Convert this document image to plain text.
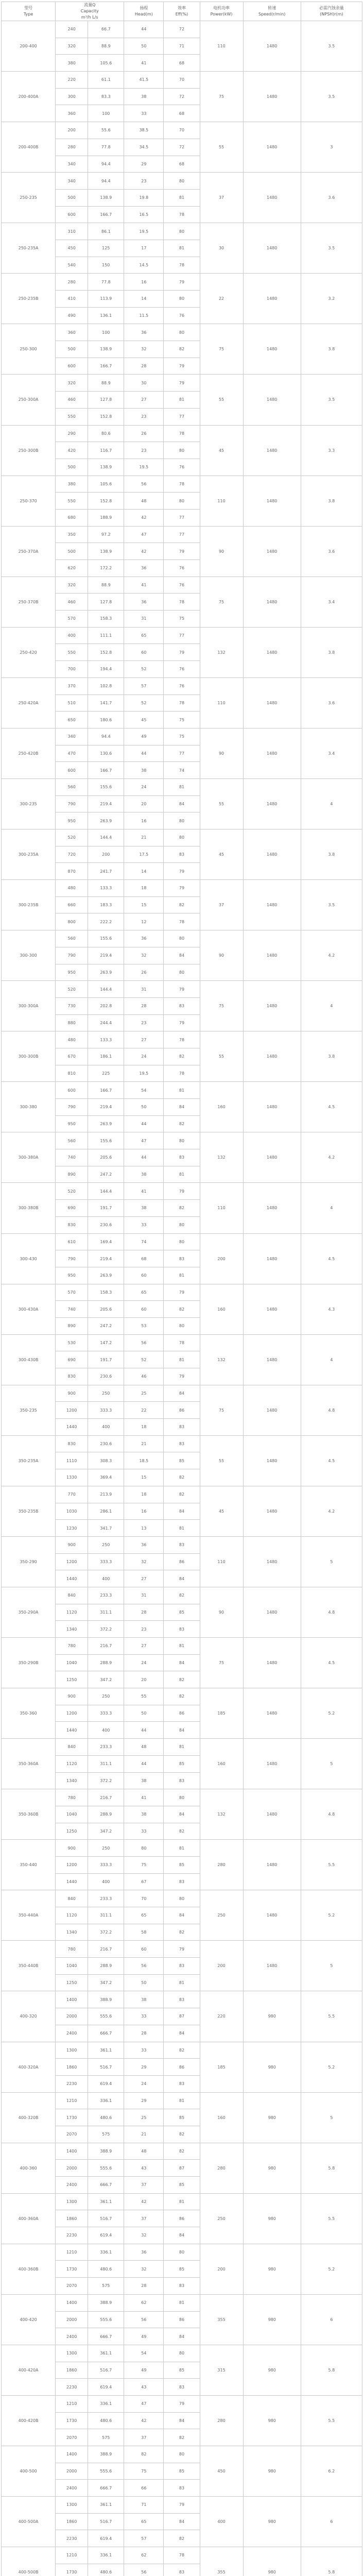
型号
Type	流量Q
Capacity
m³/h L/s		扬程
Head(m)	效率
Eff(%)	电机功率
Power(kW)	转速
Speed(r/min)	必需汽蚀余量
(NPSH)r(m)

200-400	240	66.7	44	72	110	1480	3.5
	320	88.9	50	71			
	380	105.6	41	68			
200-400A	220	61.1	41.5	70	75	1480	3.5
	300	83.3	38	72			
	360	100	33	68			
200-400B	200	55.6	38.5	70	55	1480	3
	280	77.8	34.5	72			
	340	94.4	29	68			
250-235	340	94.4	23	80	37	1480	3.6
	500	138.9	19.8	81			
	600	166.7	16.5	78			
250-235A	310	86.1	19.5	80	30	1480	3.5
	450	125	17	81			
	540	150	14.5	78			
250-235B	280	77.8	16	79	22	1480	3.2
	410	113.9	14	80			
	490	136.1	11.5	76			
250-300	360	100	36	80	75	1480	3.8
	500	138.9	32	82			
	600	166.7	28	79			
250-300A	320	88.9	30	79	55	1480	3.5
	460	127.8	27	81			
	550	152.8	23	77			
250-300B	290	80.6	26	78	45	1480	3.3
	420	116.7	23	80			
	500	138.9	19.5	76			
250-370	380	105.6	56	78	110	1480	3.8
	550	152.8	48	80			
	680	188.9	42	77			
250-370A	350	97.2	47	77	90	1480	3.6
	500	138.9	42	79			
	620	172.2	36	76			
250-370B	320	88.9	41	76	75	1480	3.4
	460	127.8	36	78			
	570	158.3	31	75			
250-420	400	111.1	65	77	132	1480	3.8
	550	152.8	60	79			
	700	194.4	52	76			
250-420A	370	102.8	57	76	110	1480	3.6
	510	141.7	52	78			
	650	180.6	45	75			
250-420B	340	94.4	49	75	90	1480	3.4
	470	130.6	44	77			
	600	166.7	38	74			
300-235	560	155.6	24	81	55	1480	4
	790	219.4	20	84			
	950	263.9	16	80			
300-235A	520	144.4	21	80	45	1480	3.8
	720	200	17.5	83			
	870	241.7	14	79			
300-235B	480	133.3	18	79	37	1480	3.5
	660	183.3	15	82			
	800	222.2	12	78			
300-300	560	155.6	36	80	90	1480	4.2
	790	219.4	32	84			
	950	263.9	26	80			
300-300A	520	144.4	31	79	75	1480	4
	730	202.8	28	83			
	880	244.4	23	79			
300-300B	480	133.3	27	78	55	1480	3.8
	670	186.1	24	82			
	810	225	19.5	78			
300-380	600	166.7	54	81	160	1480	4.5
	790	219.4	50	84			
	950	263.9	44	82			
300-380A	560	155.6	47	80	132	1480	4.2
	740	205.6	44	83			
	890	247.2	38	81			
300-380B	520	144.4	41	79	110	1480	4
	690	191.7	38	82			
	830	230.6	33	80			
300-430	610	169.4	74	80	200	1480	4.5
	790	219.4	68	83			
	950	263.9	60	81			
300-430A	570	158.3	65	79	160	1480	4.3
	740	205.6	60	82			
	890	247.2	53	80			
300-430B	530	147.2	56	78	132	1480	4
	690	191.7	52	81			
	830	230.6	46	79			
350-235	900	250	25	84	75	1480	4.8
	1200	333.3	22	86			
	1440	400	18	83			
350-235A	830	230.6	21	83	55	1480	4.5
	1110	308.3	18.5	85			
	1330	369.4	15	82			
350-235B	770	213.9	18	82	45	1480	4.2
	1030	286.1	16	84			
	1230	341.7	13	81			
350-290	900	250	36	83	110	1480	5
	1200	333.3	32	86			
	1440	400	27	84			
350-290A	840	233.3	31	82	90	1480	4.8
	1120	311.1	28	85			
	1340	372.2	23	83			
350-290B	780	216.7	27	81	75	1480	4.5
	1040	288.9	24	84			
	1250	347.2	20	82			
350-360	900	250	55	82	185	1480	5.2
	1200	333.3	50	86			
	1440	400	44	84			
350-360A	840	233.3	48	81	160	1480	5
	1120	311.1	44	85			
	1340	372.2	38	83			
350-360B	780	216.7	41	80	132	1480	4.8
	1040	288.9	38	84			
	1250	347.2	33	82			
350-440	900	250	80	81	280	1480	5.5
	1200	333.3	75	85			
	1440	400	67	83			
350-440A	840	233.3	70	80	250	1480	5.2
	1120	311.1	65	84			
	1340	372.2	58	82			
350-440B	780	216.7	60	79	200	1480	5
	1040	288.9	56	83			
	1250	347.2	50	81			
400-320	1400	388.9	38	83	220	980	5.5
	2000	555.6	33	87			
	2400	666.7	28	84			
400-320A	1300	361.1	33	82	185	980	5.2
	1860	516.7	29	86			
	2230	619.4	24	83			
400-320B	1210	336.1	29	81	160	980	5
	1730	480.6	25	85			
	2070	575	21	82			
400-360	1400	388.9	48	82	280	980	5.8
	2000	555.6	43	87			
	2400	666.7	37	85			
400-360A	1300	361.1	42	81	250	980	5.5
	1860	516.7	37	86			
	2230	619.4	32	84			
400-360B	1210	336.1	36	80	200	980	5.2
	1730	480.6	32	85			
	2070	575	28	83			
400-420	1400	388.9	62	81	355	980	6
	2000	555.6	56	86			
	2400	666.7	49	84			
400-420A	1300	361.1	54	80	315	980	5.8
	1860	516.7	49	85			
	2230	619.4	43	83			
400-420B	1210	336.1	47	79	280	980	5.5
	1730	480.6	42	84			
	2070	575	37	82			
400-500	1400	388.9	82	80	450	980	6.2
	2000	555.6	75	85			
	2400	666.7	66	83			
400-500A	1300	361.1	71	79	400	980	6
	1860	516.7	65	84			
	2230	619.4	57	82			
400-500B	1210	336.1	62	78	355	980	5.8
	1730	480.6	56	83			
